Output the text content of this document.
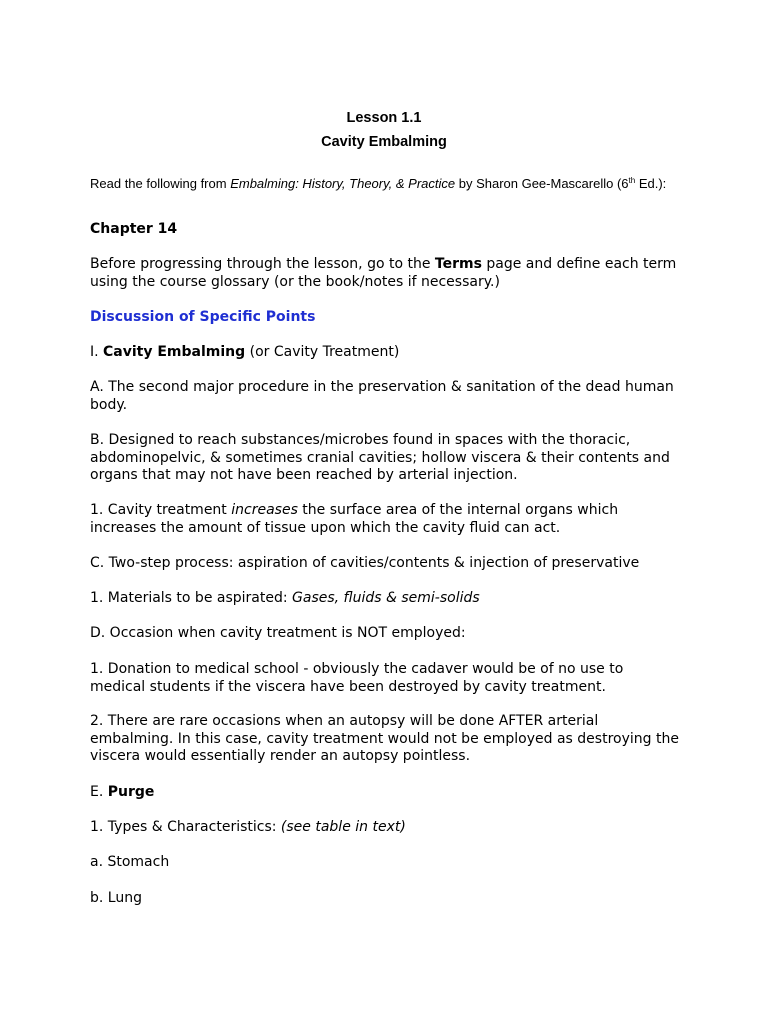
Lesson 1.1
Cavity Embalming

Read the following from Embalming: History, Theory, & Practice by Sharon Gee-Mascarello (6th Ed.):

Chapter 14

Before progressing through the lesson, go to the Terms page and define each term
using the course glossary (or the book/notes if necessary.)

Discussion of Specific Points

I. Cavity Embalming (or Cavity Treatment)

A. The second major procedure in the preservation & sanitation of the dead human
body.

B. Designed to reach substances/microbes found in spaces with the thoracic,
abdominopelvic, & sometimes cranial cavities; hollow viscera & their contents and
organs that may not have been reached by arterial injection.

1. Cavity treatment increases the surface area of the internal organs which
increases the amount of tissue upon which the cavity fluid can act.

C. Two-step process: aspiration of cavities/contents & injection of preservative

1. Materials to be aspirated: Gases, fluids & semi-solids

D. Occasion when cavity treatment is NOT employed:

1. Donation to medical school - obviously the cadaver would be of no use to
medical students if the viscera have been destroyed by cavity treatment.

2. There are rare occasions when an autopsy will be done AFTER arterial
embalming. In this case, cavity treatment would not be employed as destroying the
viscera would essentially render an autopsy pointless.

E. Purge

1. Types & Characteristics: (see table in text)

a. Stomach

b. Lung
